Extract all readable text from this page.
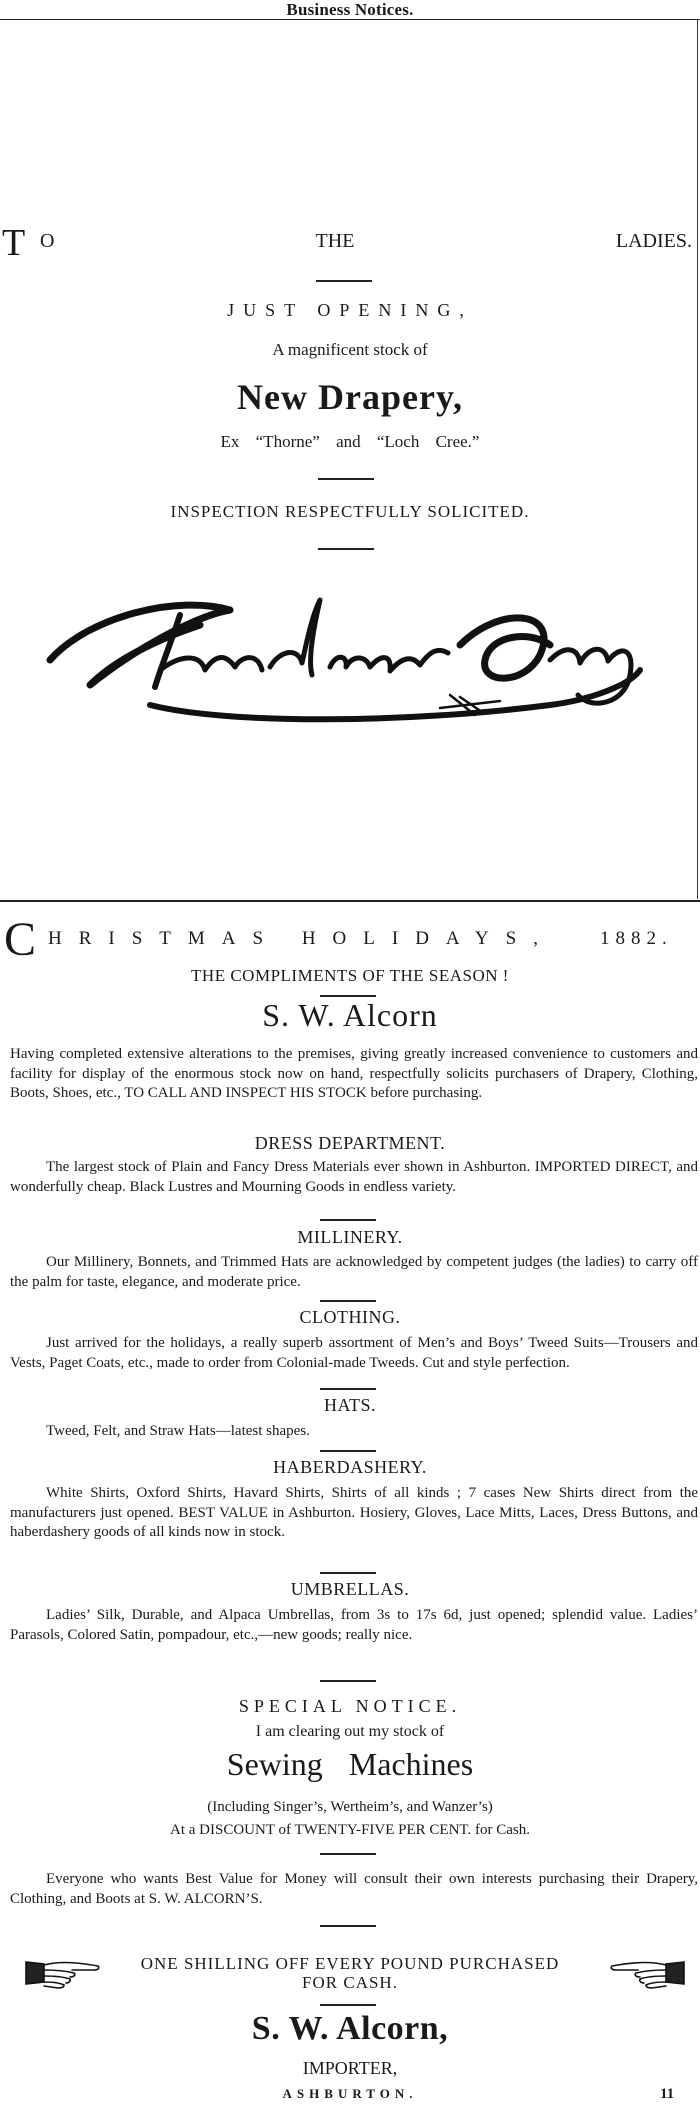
Business Notices.
T O THE LADIES.
JUST OPENING,
A magnificent stock of
New Drapery,
Ex “Thorne” and “Loch Cree.”
INSPECTION RESPECTFULLY SOLICITED.
C HRISTMAS HOLIDAYS,	1882.
THE COMPLIMENTS OF THE SEASON !
S. W. Alcorn
Having completed extensive alterations to the premises, giving greatly increased convenience to customers and facility for display of the enormous stock now on hand, respectfully solicits purchasers of Drapery, Clothing, Boots, Shoes, etc., TO CALL AND INSPECT HIS STOCK before purchasing.
DRESS DEPARTMENT.
The largest stock of Plain and Fancy Dress Materials ever shown in Ashburton. IMPORTED DIRECT, and wonderfully cheap. Black Lustres and Mourning Goods in endless variety.
MILLINERY.
Our Millinery, Bonnets, and Trimmed Hats are acknowledged by competent judges (the ladies) to carry off the palm for taste, elegance, and moderate price.
CLOTHING.
Just arrived for the holidays, a really superb assortment of Men’s and Boys’ Tweed Suits—Trousers and Vests, Paget Coats, etc., made to order from Colonial-made Tweeds. Cut and style perfection.
HATS.
Tweed, Felt, and Straw Hats—latest shapes.
HABERDASHERY.
White Shirts, Oxford Shirts, Havard Shirts, Shirts of all kinds ; 7 cases New Shirts direct from the manufacturers just opened. BEST VALUE in Ashburton. Hosiery, Gloves, Lace Mitts, Laces, Dress Buttons, and haberdashery goods of all kinds now in stock.
UMBRELLAS.
Ladies’ Silk, Durable, and Alpaca Umbrellas, from 3s to 17s 6d, just opened; splendid value. Ladies’ Parasols, Colored Satin, pompadour, etc.,—new goods; really nice.
SPECIAL NOTICE.
I am clearing out my stock of
Sewing Machines
(Including Singer’s, Wertheim’s, and Wanzer’s)
At a DISCOUNT of TWENTY-FIVE PER CENT. for Cash.
Everyone who wants Best Value for Money will consult their own interests purchasing their Drapery, Clothing, and Boots at S. W. ALCORN’S.
ONE SHILLING OFF EVERY POUND PURCHASED
FOR CASH.
S. W. Alcorn,
IMPORTER,
ASHBURTON.	11
